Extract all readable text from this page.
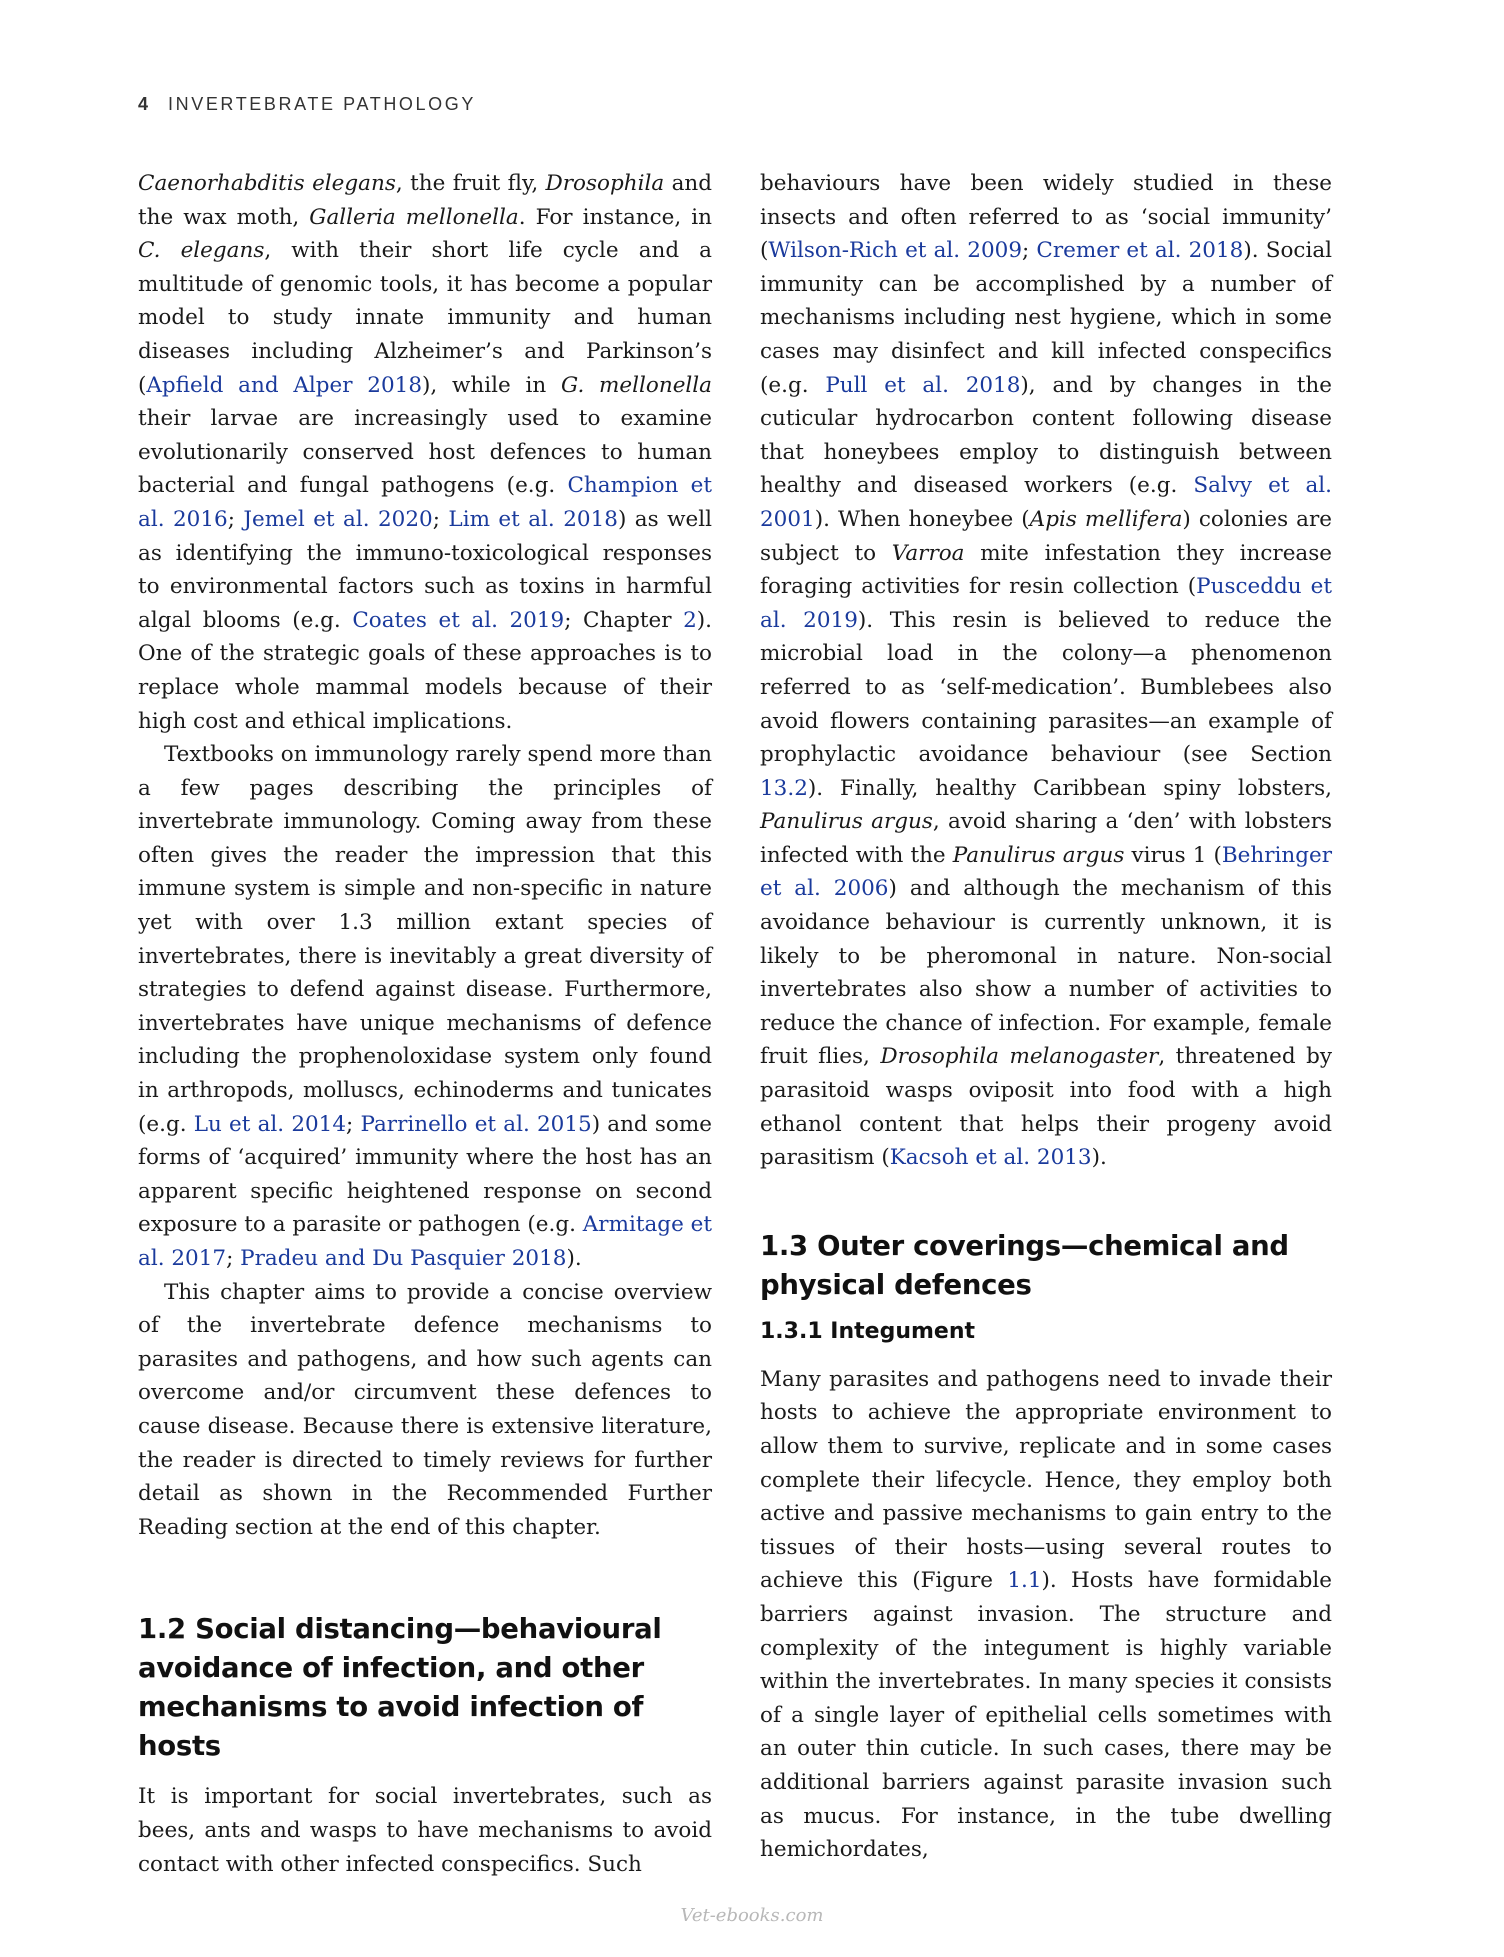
4 INVERTEBRATE PATHOLOGY

Caenorhabditis elegans, the fruit fly, Drosophila and the wax moth, Galleria mellonella. For instance, in C. elegans, with their short life cycle and a multitude of genomic tools, it has become a popular model to study innate immunity and human diseases including Alzheimer’s and Parkinson’s (Apfield and Alper 2018), while in G. mellonella their larvae are increasingly used to examine evolutionarily conserved host defences to human bacterial and fungal pathogens (e.g. Champion et al. 2016; Jemel et al. 2020; Lim et al. 2018) as well as identifying the immuno-toxicological responses to environmental factors such as toxins in harmful algal blooms (e.g. Coates et al. 2019; Chapter 2). One of the strategic goals of these approaches is to replace whole mammal models because of their high cost and ethical implications.

Textbooks on immunology rarely spend more than a few pages describing the principles of invertebrate immunology. Coming away from these often gives the reader the impression that this immune system is simple and non-specific in nature yet with over 1.3 million extant species of invertebrates, there is inevitably a great diversity of strategies to defend against disease. Furthermore, invertebrates have unique mechanisms of defence including the prophenoloxidase system only found in arthropods, molluscs, echinoderms and tunicates (e.g. Lu et al. 2014; Parrinello et al. 2015) and some forms of ‘acquired’ immunity where the host has an apparent specific heightened response on second exposure to a parasite or pathogen (e.g. Armitage et al. 2017; Pradeu and Du Pasquier 2018).

This chapter aims to provide a concise overview of the invertebrate defence mechanisms to parasites and pathogens, and how such agents can overcome and/or circumvent these defences to cause disease. Because there is extensive literature, the reader is directed to timely reviews for further detail as shown in the Recommended Further Reading section at the end of this chapter.

1.2 Social distancing—behavioural avoidance of infection, and other mechanisms to avoid infection of hosts

It is important for social invertebrates, such as bees, ants and wasps to have mechanisms to avoid contact with other infected conspecifics. Such

behaviours have been widely studied in these insects and often referred to as ‘social immunity’ (Wilson-Rich et al. 2009; Cremer et al. 2018). Social immunity can be accomplished by a number of mechanisms including nest hygiene, which in some cases may disinfect and kill infected conspecifics (e.g. Pull et al. 2018), and by changes in the cuticular hydrocarbon content following disease that honeybees employ to distinguish between healthy and diseased workers (e.g. Salvy et al. 2001). When honeybee (Apis mellifera) colonies are subject to Varroa mite infestation they increase foraging activities for resin collection (Pusceddu et al. 2019). This resin is believed to reduce the microbial load in the colony—a phenomenon referred to as ‘self-medication’. Bumblebees also avoid flowers containing parasites—an example of prophylactic avoidance behaviour (see Section 13.2). Finally, healthy Caribbean spiny lobsters, Panulirus argus, avoid sharing a ‘den’ with lobsters infected with the Panulirus argus virus 1 (Behringer et al. 2006) and although the mechanism of this avoidance behaviour is currently unknown, it is likely to be pheromonal in nature. Non-social invertebrates also show a number of activities to reduce the chance of infection. For example, female fruit flies, Drosophila melanogaster, threatened by parasitoid wasps oviposit into food with a high ethanol content that helps their progeny avoid parasitism (Kacsoh et al. 2013).

1.3 Outer coverings—chemical and physical defences
1.3.1 Integument

Many parasites and pathogens need to invade their hosts to achieve the appropriate environment to allow them to survive, replicate and in some cases complete their lifecycle. Hence, they employ both active and passive mechanisms to gain entry to the tissues of their hosts—using several routes to achieve this (Figure 1.1). Hosts have formidable barriers against invasion. The structure and complexity of the integument is highly variable within the invertebrates. In many species it consists of a single layer of epithelial cells sometimes with an outer thin cuticle. In such cases, there may be additional barriers against parasite invasion such as mucus. For instance, in the tube dwelling hemichordates,

Vet-ebooks.com
